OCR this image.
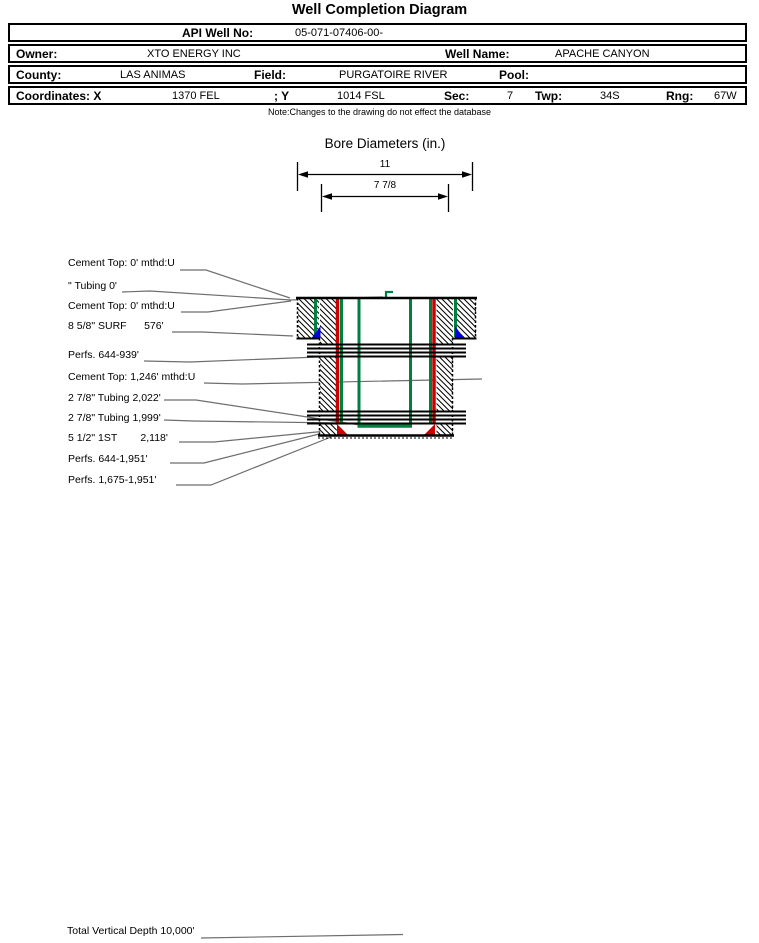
Well Completion Diagram
API Well No:	05-071-07406-00-
Owner:	XTO ENERGY INC	Well Name:	APACHE CANYON
County:	LAS ANIMAS	Field:	PURGATOIRE RIVER	Pool:
Coordinates: X	1370 FEL	; Y	1014 FSL	Sec:	7 Twp:	34S	Rng: 67W
Note:Changes to the drawing do not effect the database
Bore Diameters (in.)
11
7 7/8
Cement Top: 0' mthd:U
" Tubing 0'
Cement Top: 0' mthd:U
8 5/8" SURF      576'
Perfs. 644-939'
Cement Top: 1,246' mthd:U
2 7/8" Tubing 2,022'
2 7/8" Tubing 1,999'
5 1/2" 1ST        2,118'
Perfs. 644-1,951'
Perfs. 1,675-1,951'
Total Vertical Depth 10,000'
